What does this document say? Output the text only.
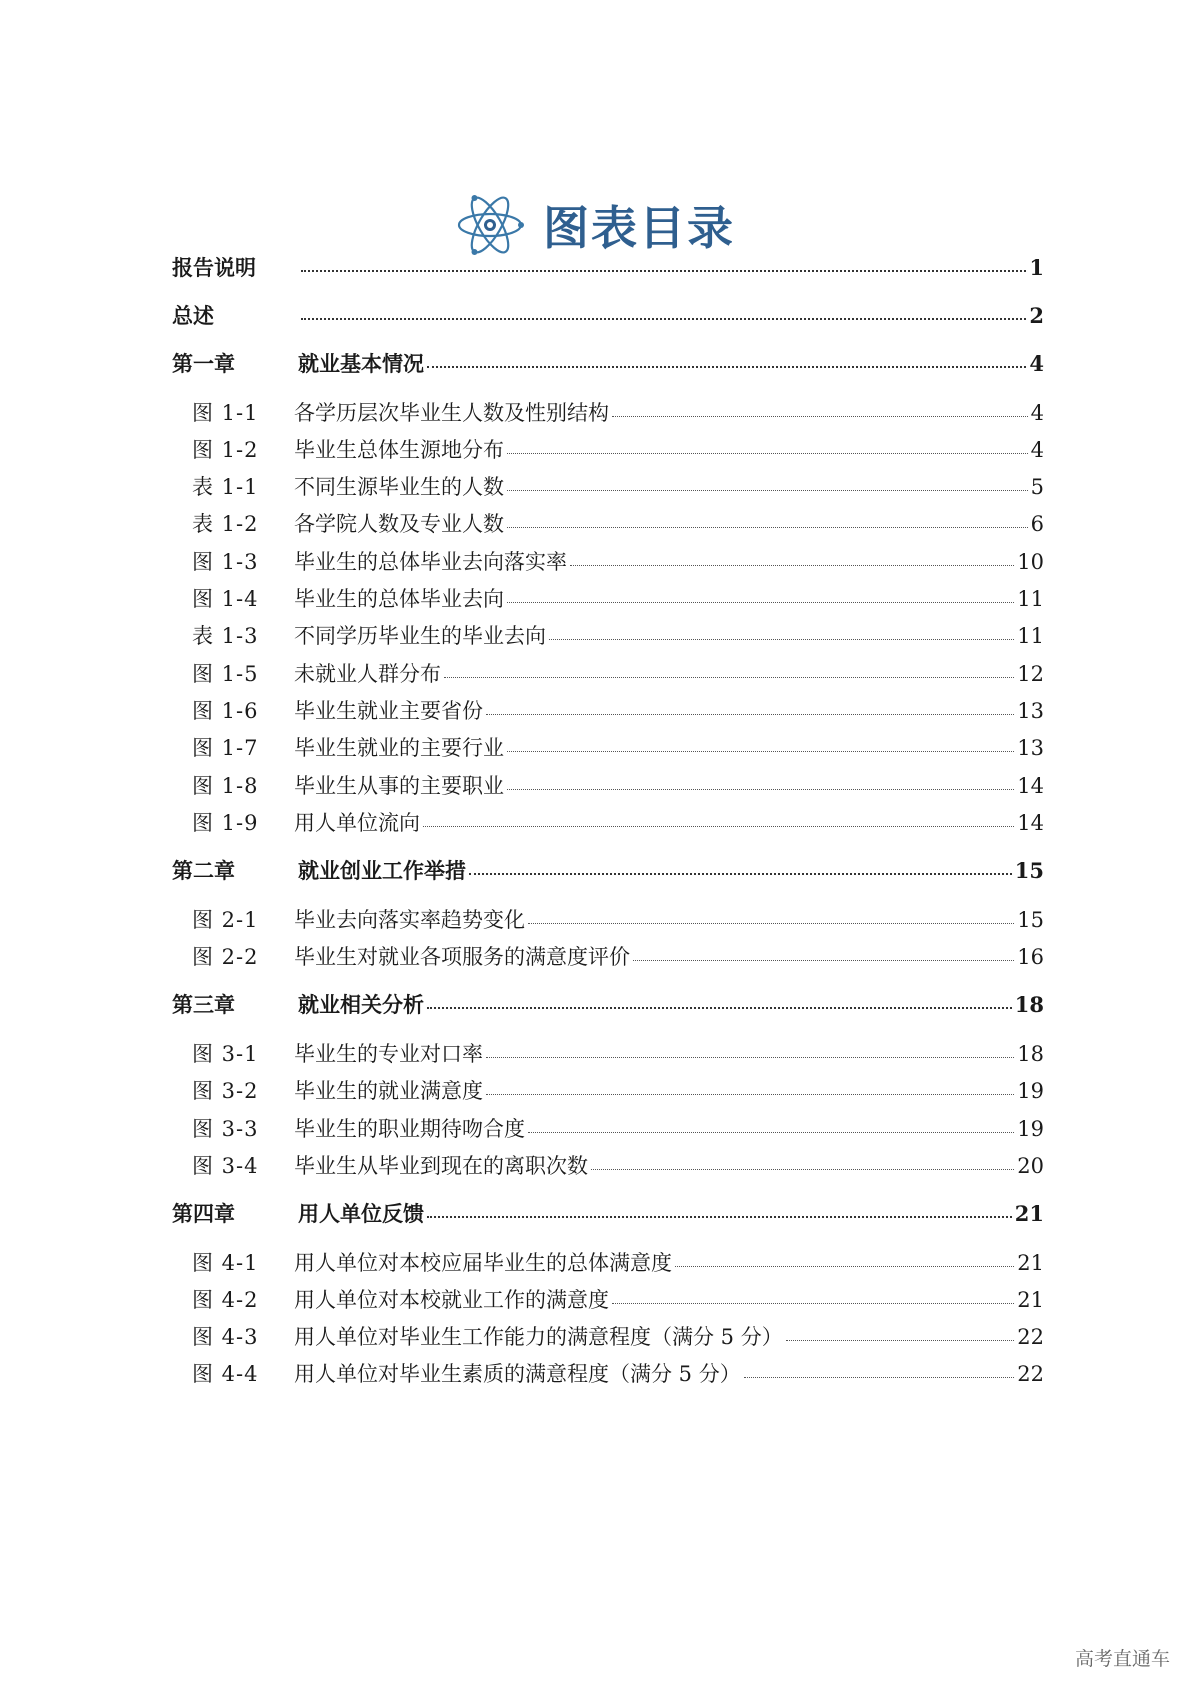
图表目录
报告说明	1
总述	2
第一章	就业基本情况	4
图 1-1	各学历层次毕业生人数及性别结构	4
图 1-2	毕业生总体生源地分布	4
表 1-1	不同生源毕业生的人数	5
表 1-2	各学院人数及专业人数	6
图 1-3	毕业生的总体毕业去向落实率	10
图 1-4	毕业生的总体毕业去向	11
表 1-3	不同学历毕业生的毕业去向	11
图 1-5	未就业人群分布	12
图 1-6	毕业生就业主要省份	13
图 1-7	毕业生就业的主要行业	13
图 1-8	毕业生从事的主要职业	14
图 1-9	用人单位流向	14
第二章	就业创业工作举措	15
图 2-1	毕业去向落实率趋势变化	15
图 2-2	毕业生对就业各项服务的满意度评价	16
第三章	就业相关分析	18
图 3-1	毕业生的专业对口率	18
图 3-2	毕业生的就业满意度	19
图 3-3	毕业生的职业期待吻合度	19
图 3-4	毕业生从毕业到现在的离职次数	20
第四章	用人单位反馈	21
图 4-1	用人单位对本校应届毕业生的总体满意度	21
图 4-2	用人单位对本校就业工作的满意度	21
图 4-3	用人单位对毕业生工作能力的满意程度（满分 5 分）	22
图 4-4	用人单位对毕业生素质的满意程度（满分 5 分）	22
高考直通车
